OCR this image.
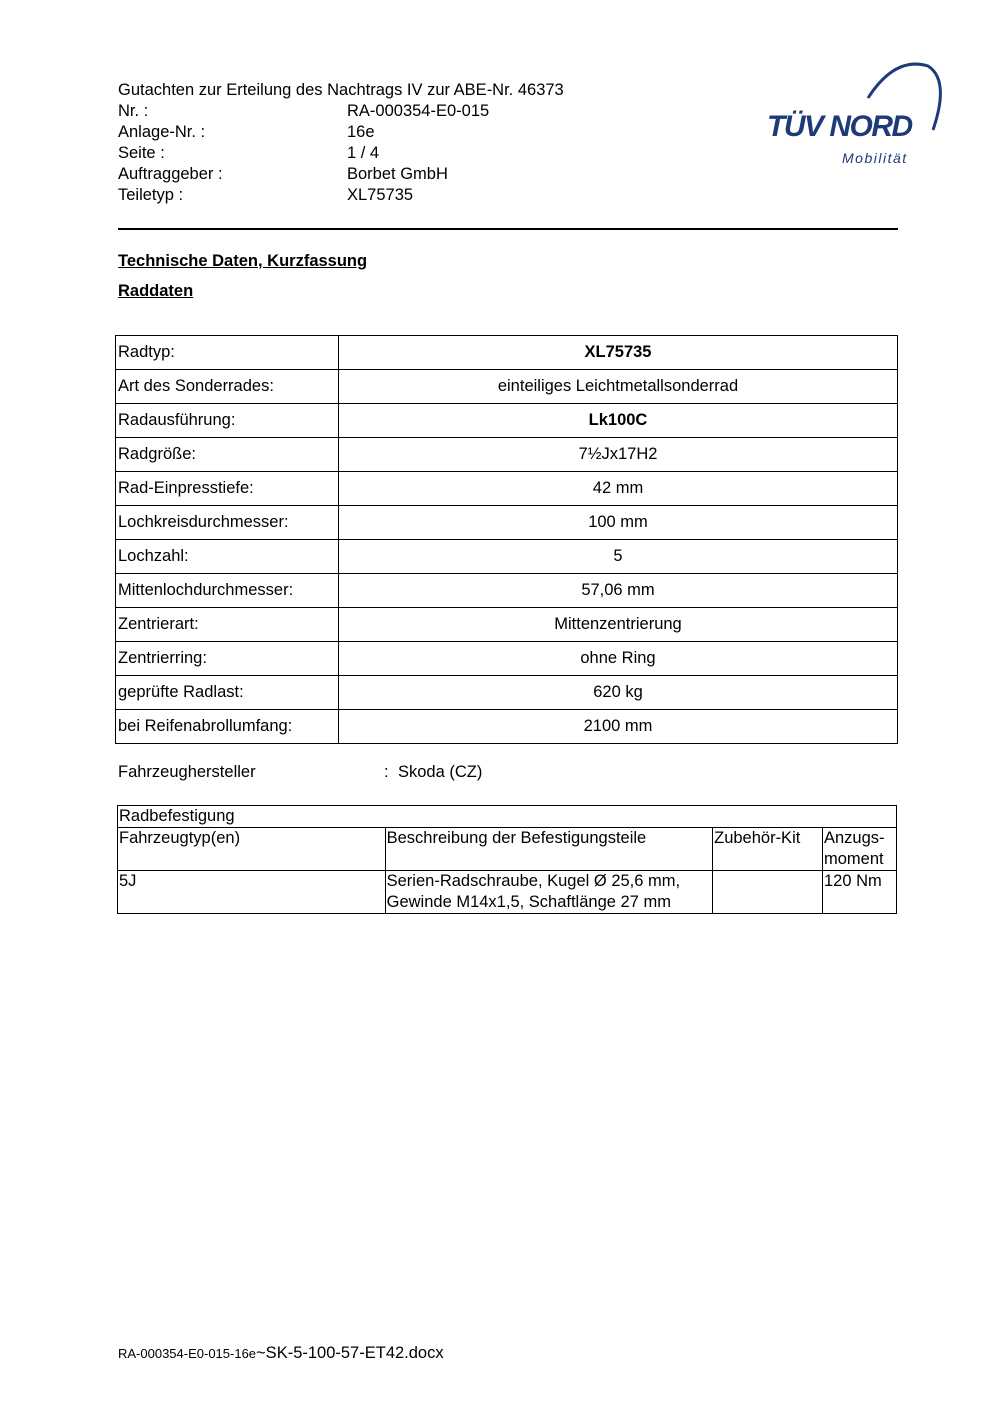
Gutachten zur Erteilung des Nachtrags IV zur ABE-Nr. 46373
Nr. :	RA-000354-E0-015
Anlage-Nr. :	16e
Seite :	1 / 4
Auftraggeber :	Borbet GmbH
Teiletyp :	XL75735
TÜV NORD
Mobilität
Technische Daten, Kurzfassung
Raddaten
Radtyp:	XL75735
Art des Sonderrades:	einteiliges Leichtmetallsonderrad
Radausführung:	Lk100C
Radgröße:	7½Jx17H2
Rad-Einpresstiefe:	42 mm
Lochkreisdurchmesser:	100 mm
Lochzahl:	5
Mittenlochdurchmesser:	57,06 mm
Zentrierart:	Mittenzentrierung
Zentrierring:	ohne Ring
geprüfte Radlast:	620 kg
bei Reifenabrollumfang:	2100 mm
Fahrzeughersteller	: Skoda (CZ)
Radbefestigung			
Fahrzeugtyp(en)	Beschreibung der Befestigungsteile	Zubehör-Kit	Anzugs-
moment

5J	Serien-Radschraube, Kugel Ø 25,6 mm,
Gewinde M14x1,5, Schaftlänge 27 mm		120 Nm
RA-000354-E0-015-16e~SK-5-100-57-ET42.docx
